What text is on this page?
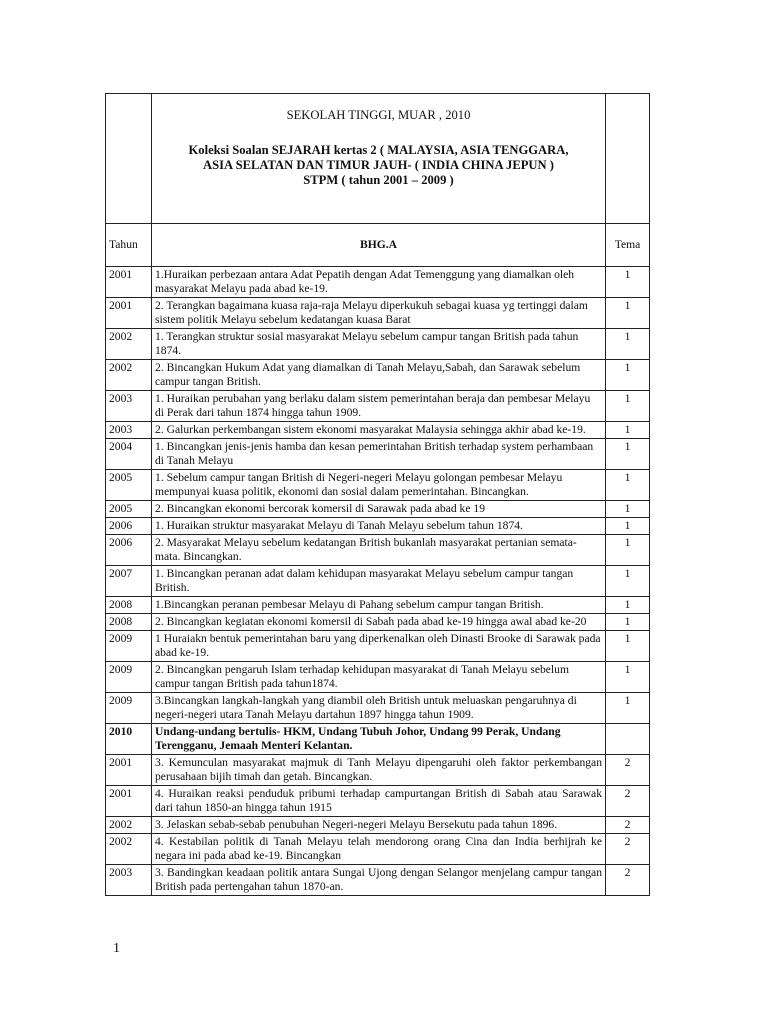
	SEKOLAH TINGGI, MUAR , 2010
Koleksi Soalan SEJARAH kertas 2 ( MALAYSIA, ASIA TENGGARA,
ASIA SELATAN DAN TIMUR JAUH- ( INDIA CHINA JEPUN )
STPM ( tahun 2001 – 2009 )	

Tahun	BHG.A	Tema
2001	1.Huraikan perbezaan antara Adat Pepatih dengan Adat Temenggung yang diamalkan oleh masyarakat Melayu pada abad ke-19.	1
2001	2. Terangkan bagaimana kuasa raja-raja Melayu diperkukuh sebagai kuasa yg tertinggi dalam sistem politik Melayu sebelum kedatangan kuasa Barat	1
2002	1. Terangkan struktur sosial masyarakat Melayu sebelum campur tangan British pada tahun 1874.	1
2002	2. Bincangkan Hukum Adat yang diamalkan di Tanah Melayu,Sabah, dan Sarawak sebelum campur tangan British.	1
2003	1. Huraikan perubahan yang berlaku dalam sistem pemerintahan beraja dan pembesar Melayu di Perak dari tahun 1874 hingga tahun 1909.	1
2003	2. Galurkan perkembangan sistem ekonomi masyarakat Malaysia sehingga akhir abad ke-19.	1
2004	1. Bincangkan jenis-jenis hamba dan kesan pemerintahan British terhadap system perhambaan di Tanah Melayu	1
2005	1. Sebelum campur tangan British di Negeri-negeri Melayu golongan pembesar Melayu mempunyai kuasa politik, ekonomi dan sosial dalam pemerintahan. Bincangkan.	1
2005	2. Bincangkan ekonomi bercorak komersil di Sarawak pada abad ke 19	1
2006	1. Huraikan struktur masyarakat Melayu di Tanah Melayu sebelum tahun 1874.	1
2006	2. Masyarakat Melayu sebelum kedatangan British bukanlah masyarakat pertanian semata-mata. Bincangkan.	1
2007	1. Bincangkan peranan adat dalam kehidupan masyarakat Melayu sebelum campur tangan British.	1
2008	1.Bincangkan peranan pembesar Melayu di Pahang sebelum campur tangan British.	1
2008	2. Bincangkan kegiatan ekonomi komersil di Sabah pada abad ke-19 hingga awal abad ke-20	1
2009	1 Huraiakn bentuk pemerintahan baru yang diperkenalkan oleh Dinasti Brooke di Sarawak pada abad ke-19.	1
2009	2. Bincangkan pengaruh Islam terhadap kehidupan masyarakat di Tanah Melayu sebelum campur tangan British pada tahun1874.	1
2009	3.Bincangkan langkah-langkah yang diambil oleh British untuk meluaskan pengaruhnya di negeri-negeri utara Tanah Melayu dartahun 1897 hingga tahun 1909.	1
2010	Undang-undang bertulis- HKM, Undang Tubuh Johor, Undang 99 Perak, Undang Terengganu, Jemaah Menteri Kelantan.	
2001	3. Kemunculan masyarakat majmuk di Tanh Melayu dipengaruhi oleh faktor perkembangan perusahaan bijih timah dan getah. Bincangkan.	2
2001	4. Huraikan reaksi penduduk pribumi terhadap campurtangan British di Sabah atau Sarawak dari tahun 1850-an hingga tahun 1915	2
2002	3. Jelaskan sebab-sebab penubuhan Negeri-negeri Melayu Bersekutu pada tahun 1896.	2
2002	4. Kestabilan politik di Tanah Melayu telah mendorong orang Cina dan India berhijrah ke negara ini pada abad ke-19. Bincangkan	2
2003	3. Bandingkan keadaan politik antara Sungai Ujong dengan Selangor menjelang campur tangan British pada pertengahan tahun 1870-an.	2
1
